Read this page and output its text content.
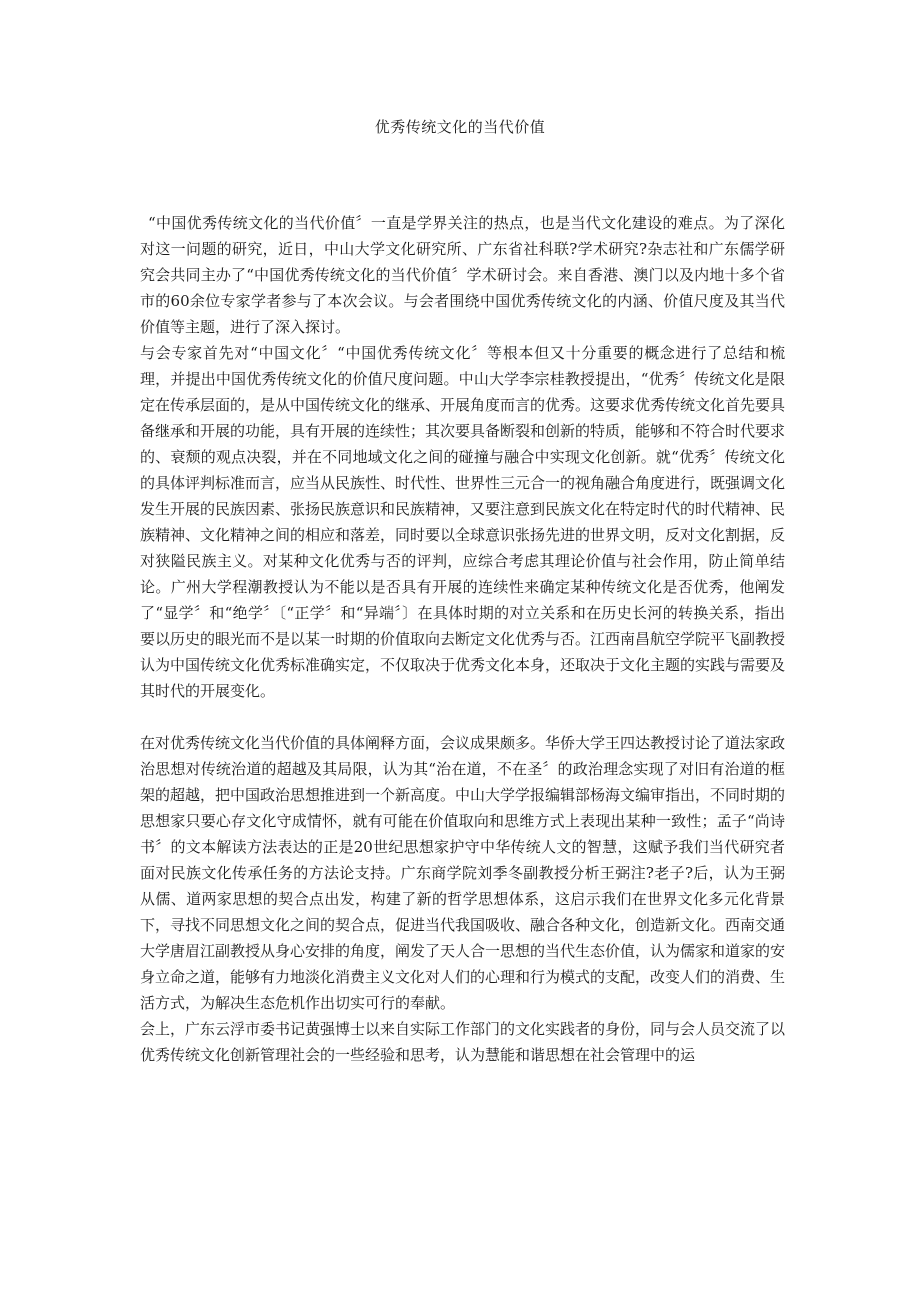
优秀传统文化的当代价值

“中国优秀传统文化的当代价值〞一直是学界关注的热点，也是当代文化建设的难点。为了深化对这一问题的研究，近日，中山大学文化研究所、广东省社科联?学术研究?杂志社和广东儒学研究会共同主办了“中国优秀传统文化的当代价值〞学术研讨会。来自香港、澳门以及内地十多个省市的60余位专家学者参与了本次会议。与会者围绕中国优秀传统文化的内涵、价值尺度及其当代价值等主题，进行了深入探讨。

与会专家首先对“中国文化〞“中国优秀传统文化〞等根本但又十分重要的概念进行了总结和梳理，并提出中国优秀传统文化的价值尺度问题。中山大学李宗桂教授提出，“优秀〞传统文化是限定在传承层面的，是从中国传统文化的继承、开展角度而言的优秀。这要求优秀传统文化首先要具备继承和开展的功能，具有开展的连续性；其次要具备断裂和创新的特质，能够和不符合时代要求的、衰颓的观点决裂，并在不同地域文化之间的碰撞与融合中实现文化创新。就“优秀〞传统文化的具体评判标准而言，应当从民族性、时代性、世界性三元合一的视角融合角度进行，既强调文化发生开展的民族因素、张扬民族意识和民族精神，又要注意到民族文化在特定时代的时代精神、民族精神、文化精神之间的相应和落差，同时要以全球意识张扬先进的世界文明，反对文化割据，反对狭隘民族主义。对某种文化优秀与否的评判，应综合考虑其理论价值与社会作用，防止简单结论。广州大学程潮教授认为不能以是否具有开展的连续性来确定某种传统文化是否优秀，他阐发了“显学〞和“绝学〞〔“正学〞和“异端〞〕在具体时期的对立关系和在历史长河的转换关系，指出要以历史的眼光而不是以某一时期的价值取向去断定文化优秀与否。江西南昌航空学院平飞副教授认为中国传统文化优秀标准确实定，不仅取决于优秀文化本身，还取决于文化主题的实践与需要及其时代的开展变化。

在对优秀传统文化当代价值的具体阐释方面，会议成果颇多。华侨大学王四达教授讨论了道法家政治思想对传统治道的超越及其局限，认为其“治在道，不在圣〞的政治理念实现了对旧有治道的框架的超越，把中国政治思想推进到一个新高度。中山大学学报编辑部杨海文编审指出，不同时期的思想家只要心存文化守成情怀，就有可能在价值取向和思维方式上表现出某种一致性；孟子“尚诗书〞的文本解读方法表达的正是20世纪思想家护守中华传统人文的智慧，这赋予我们当代研究者面对民族文化传承任务的方法论支持。广东商学院刘季冬副教授分析王弼注?老子?后，认为王弼从儒、道两家思想的契合点出发，构建了新的哲学思想体系，这启示我们在世界文化多元化背景下，寻找不同思想文化之间的契合点，促进当代我国吸收、融合各种文化，创造新文化。西南交通大学唐眉江副教授从身心安排的角度，阐发了天人合一思想的当代生态价值，认为儒家和道家的安身立命之道，能够有力地淡化消费主义文化对人们的心理和行为模式的支配，改变人们的消费、生活方式，为解决生态危机作出切实可行的奉献。

会上，广东云浮市委书记黄强博士以来自实际工作部门的文化实践者的身份，同与会人员交流了以优秀传统文化创新管理社会的一些经验和思考，认为慧能和谐思想在社会管理中的运
